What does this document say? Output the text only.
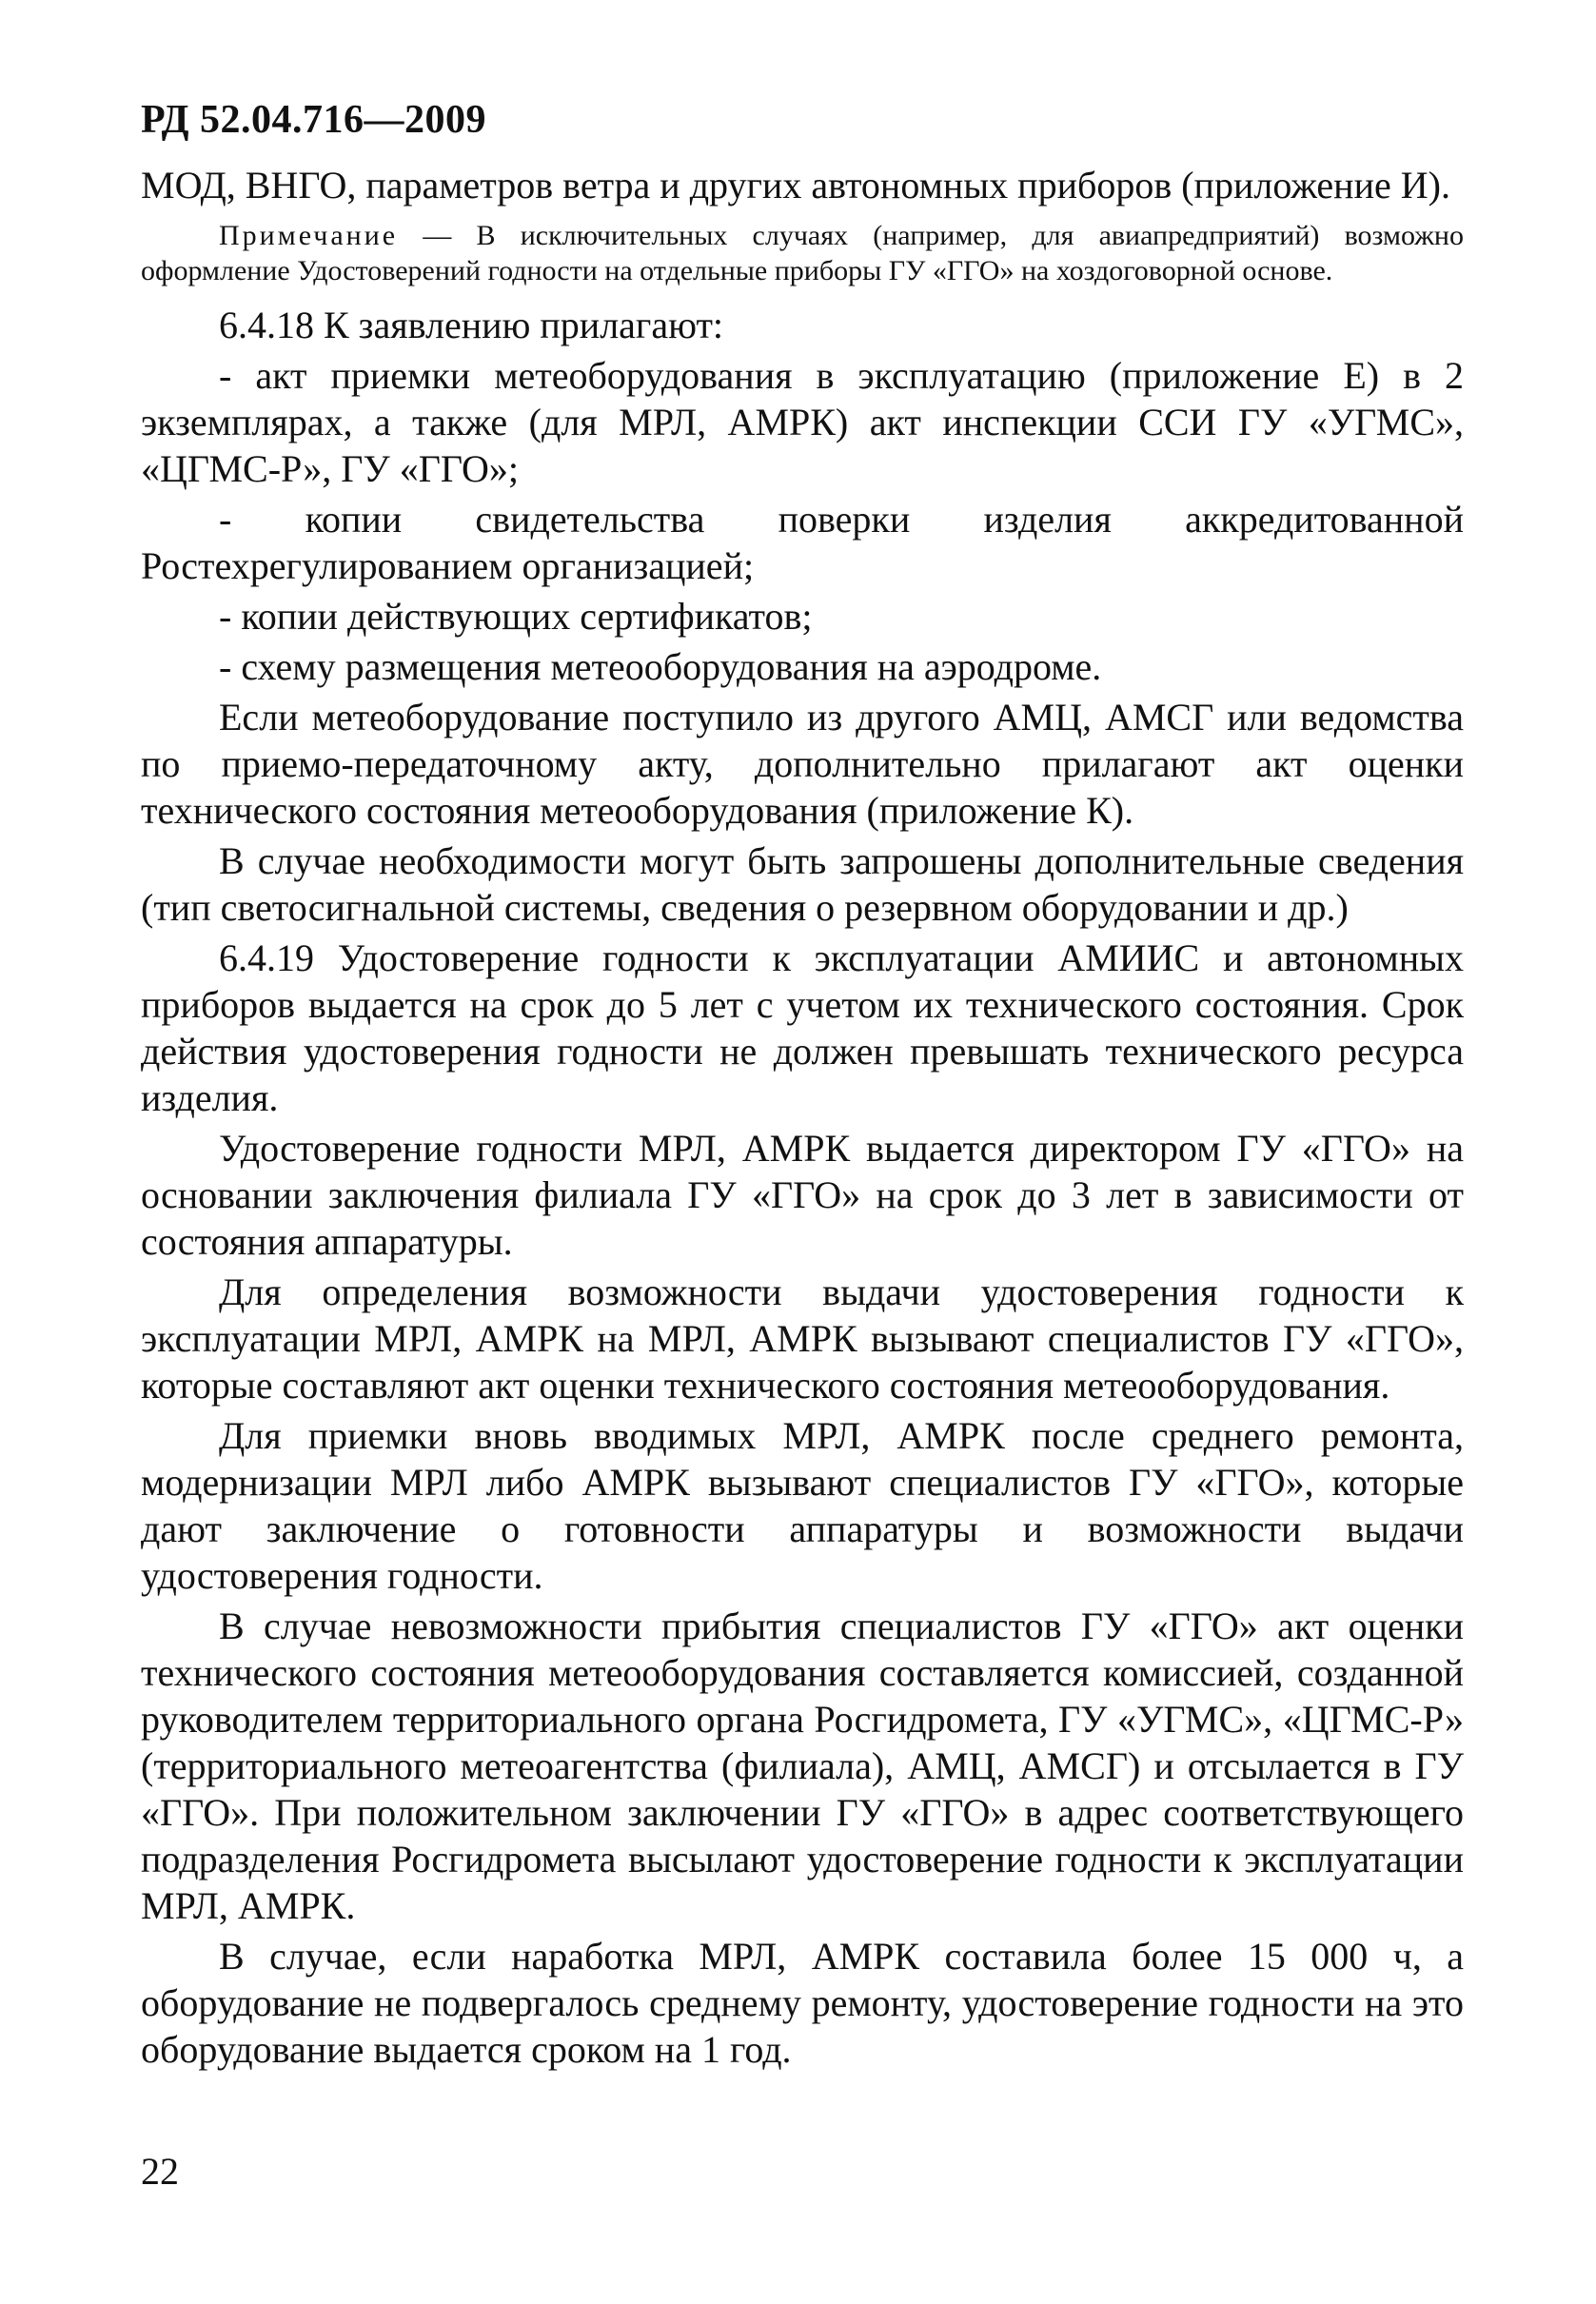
РД 52.04.716—2009

МОД, ВНГО, параметров ветра и других автономных приборов (приложение И).

Примечание — В исключительных случаях (например, для авиапредприятий) возможно оформление Удостоверений годности на отдельные приборы ГУ «ГГО» на хоздоговорной основе.

6.4.18 К заявлению прилагают:

- акт приемки метеоборудования в эксплуатацию (приложение Е) в 2 экземплярах, а также (для МРЛ, АМРК) акт инспекции ССИ ГУ «УГМС», «ЦГМС-Р», ГУ «ГГО»;

- копии свидетельства поверки изделия аккредитованной Ростехрегулированием организацией;

- копии действующих сертификатов;

- схему размещения метеооборудования на аэродроме.

Если метеоборудование поступило из другого АМЦ, АМСГ или ведомства по приемо-передаточному акту, дополнительно прилагают акт оценки технического состояния метеооборудования (приложение К).

В случае необходимости могут быть запрошены дополнительные сведения (тип светосигнальной системы, сведения о резервном оборудовании и др.)

6.4.19 Удостоверение годности к эксплуатации АМИИС и автономных приборов выдается на срок до 5 лет с учетом их технического состояния. Срок действия удостоверения годности не должен превышать технического ресурса изделия.

Удостоверение годности МРЛ, АМРК выдается директором ГУ «ГГО» на основании заключения филиала ГУ «ГГО» на срок до 3 лет в зависимости от состояния аппаратуры.

Для определения возможности выдачи удостоверения годности к эксплуатации МРЛ, АМРК на МРЛ, АМРК вызывают специалистов ГУ «ГГО», которые составляют акт оценки технического состояния метеооборудования.

Для приемки вновь вводимых МРЛ, АМРК после среднего ремонта, модернизации МРЛ либо АМРК вызывают специалистов ГУ «ГГО», которые дают заключение о готовности аппаратуры и возможности выдачи удостоверения годности.

В случае невозможности прибытия специалистов ГУ «ГГО» акт оценки технического состояния метеооборудования составляется комиссией, созданной руководителем территориального органа Росгидромета, ГУ «УГМС», «ЦГМС-Р» (территориального метеоагентства (филиала), АМЦ, АМСГ) и отсылается в ГУ «ГГО». При положительном заключении ГУ «ГГО» в адрес соответствующего подразделения Росгидромета высылают удостоверение годности к эксплуатации МРЛ, АМРК.

В случае, если наработка МРЛ, АМРК составила более 15 000 ч, а оборудование не подвергалось среднему ремонту, удостоверение годности на это оборудование выдается сроком на 1 год.

22
